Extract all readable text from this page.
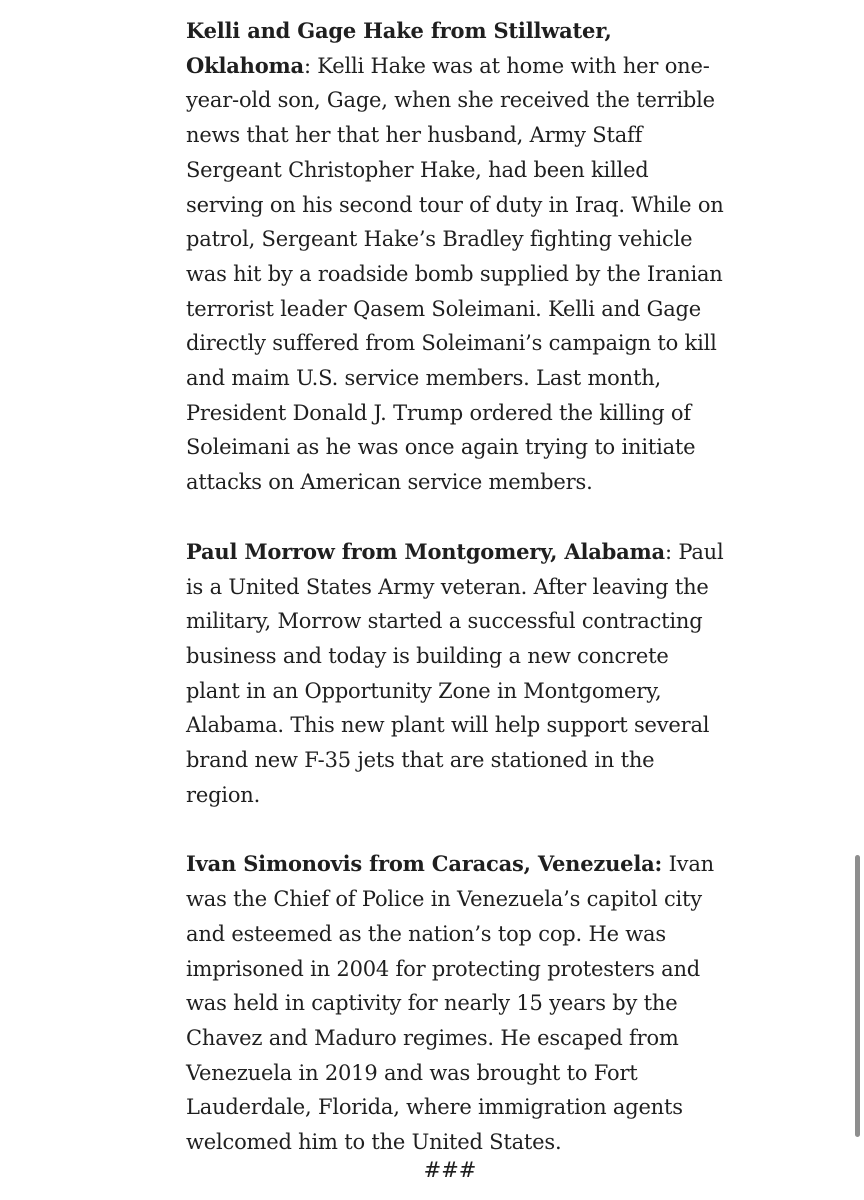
Kelli and Gage Hake from Stillwater, Oklahoma: Kelli Hake was at home with her one-year-old son, Gage, when she received the terrible news that her that her husband, Army Staff Sergeant Christopher Hake, had been killed serving on his second tour of duty in Iraq. While on patrol, Sergeant Hake’s Bradley fighting vehicle was hit by a roadside bomb supplied by the Iranian terrorist leader Qasem Soleimani. Kelli and Gage directly suffered from Soleimani’s campaign to kill and maim U.S. service members. Last month, President Donald J. Trump ordered the killing of Soleimani as he was once again trying to initiate attacks on American service members.

Paul Morrow from Montgomery, Alabama: Paul is a United States Army veteran. After leaving the military, Morrow started a successful contracting business and today is building a new concrete plant in an Opportunity Zone in Montgomery, Alabama. This new plant will help support several brand new F-35 jets that are stationed in the region.

Ivan Simonovis from Caracas, Venezuela: Ivan was the Chief of Police in Venezuela’s capitol city and esteemed as the nation’s top cop. He was imprisoned in 2004 for protecting protesters and was held in captivity for nearly 15 years by the Chavez and Maduro regimes. He escaped from Venezuela in 2019 and was brought to Fort Lauderdale, Florida, where immigration agents welcomed him to the United States.

###
